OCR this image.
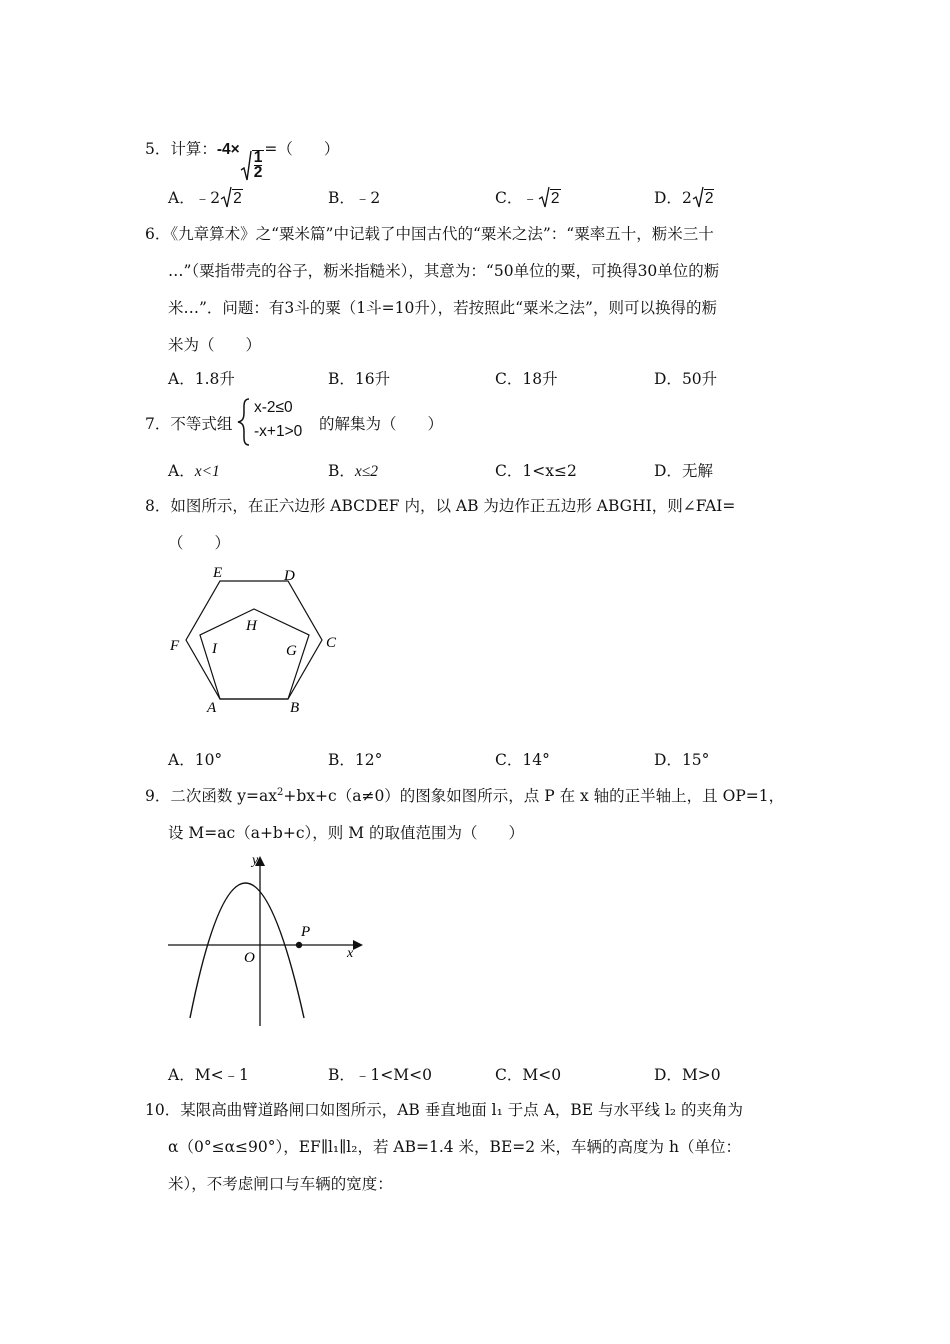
5．计算：-4×
$\frac{1}{2}$
=（　　）
A．﹣2 2	B．﹣2	C．﹣ 2	D．2 2
6．《九章算术》之“粟米篇”中记载了中国古代的“粟米之法”：“粟率五十，粝米三十
…”（粟指带壳的谷子，粝米指糙米），其意为：“50单位的粟，可换得30单位的粝
米…”．问题：有3斗的粟（1斗=10升），若按照此“粟米之法”，则可以换得的粝
米为（　　）
A．1.8升	B．16升	C．18升	D．50升
7．不等式组
x-2≤0
-x+1>0 的解集为（　　）
A．x<1	B．x≤2	C．1<x≤2	D．无解
8．如图所示，在正六边形 ABCDEF 内，以 AB 为边作正五边形 ABGHI，则∠FAI=
（　　）
E	D
F	C
H
I	G
A	B
A．10°	B．12°	C．14°	D．15°
9．二次函数 $y=ax^2+bx+c(a\ne 0)$的图象如图所示，点 P 在 x 轴的正半轴上，且 OP=1，
设 M=ac（a+b+c），则 M 的取值范围为（　　）
y
x
O
P
A．M<﹣1	B．﹣1<M<0	C．M<0	D．M>0
10．某限高曲臂道路闸口如图所示，AB 垂直地面 l₁ 于点 A，BE 与水平线 l₂ 的夹角为
α（0°≤α≤90°），EF∥l₁∥l₂，若 AB=1.4 米，BE=2 米，车辆的高度为 h（单位：
米），不考虑闸口与车辆的宽度：
